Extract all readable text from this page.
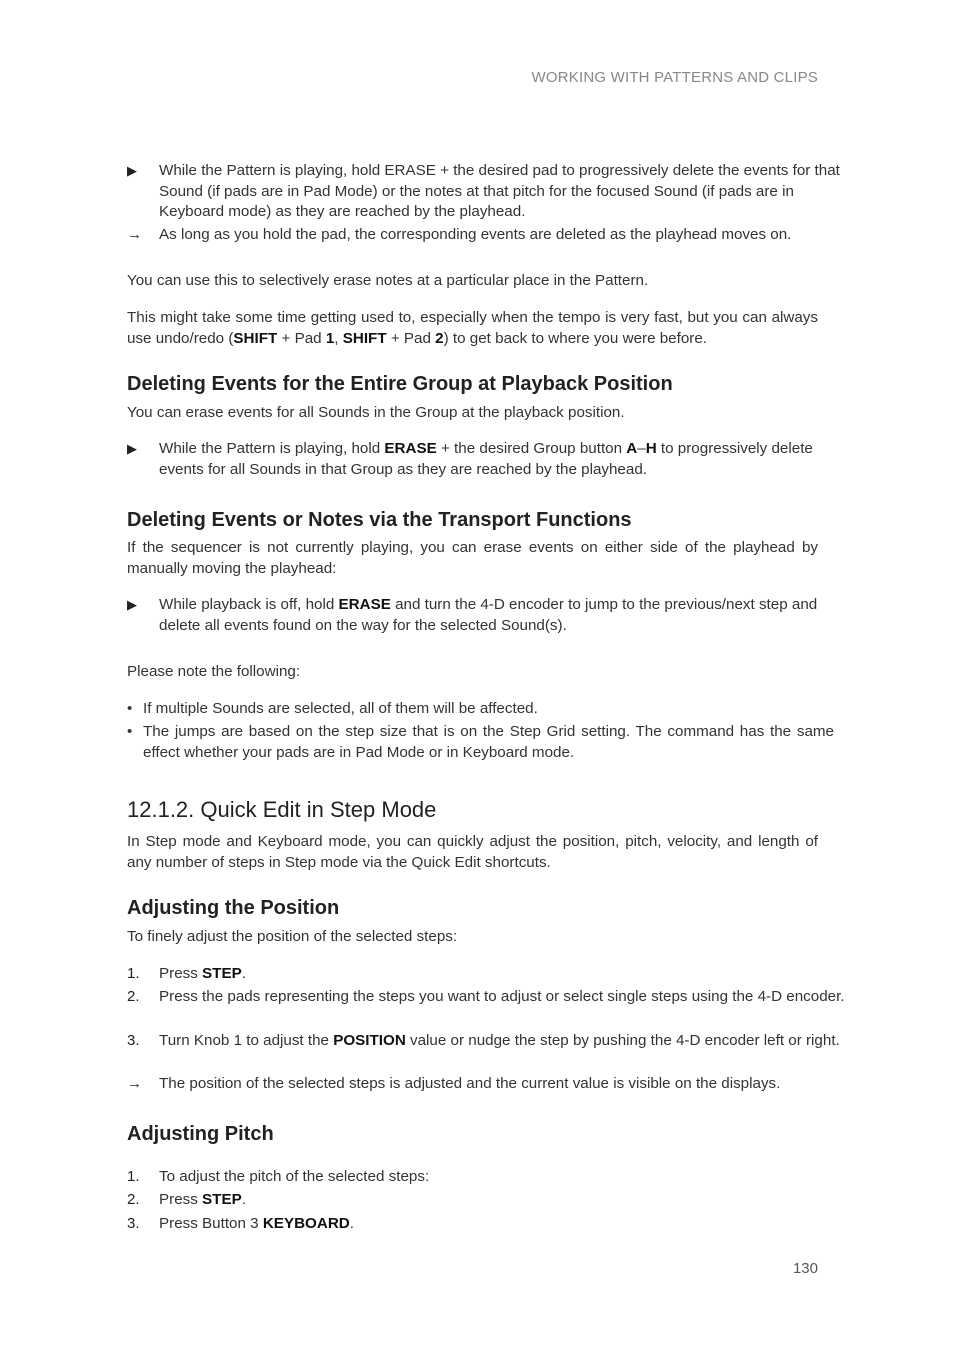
WORKING WITH PATTERNS AND CLIPS
▶	While the Pattern is playing, hold ERASE + the desired pad to progressively delete the events for that Sound (if pads are in Pad Mode) or the notes at that pitch for the focused Sound (if pads are in Keyboard mode) as they are reached by the playhead.
→	As long as you hold the pad, the corresponding events are deleted as the playhead moves on.

You can use this to selectively erase notes at a particular place in the Pattern.

This might take some time getting used to, especially when the tempo is very fast, but you can always use undo/redo (SHIFT + Pad 1, SHIFT + Pad 2) to get back to where you were before.

Deleting Events for the Entire Group at Playback Position

You can erase events for all Sounds in the Group at the playback position.

▶	While the Pattern is playing, hold ERASE + the desired Group button A–H to progressively delete events for all Sounds in that Group as they are reached by the playhead.
Deleting Events or Notes via the Transport Functions

If the sequencer is not currently playing, you can erase events on either side of the playhead by manually moving the playhead:

▶	While playback is off, hold ERASE and turn the 4-D encoder to jump to the previous/next step and delete all events found on the way for the selected Sound(s).

Please note the following:

• If multiple Sounds are selected, all of them will be affected.
• The jumps are based on the step size that is on the Step Grid setting. The command has the same effect whether your pads are in Pad Mode or in Keyboard mode.
12.1.2. Quick Edit in Step Mode

In Step mode and Keyboard mode, you can quickly adjust the position, pitch, velocity, and length of any number of steps in Step mode via the Quick Edit shortcuts.

Adjusting the Position

To finely adjust the position of the selected steps:

1. Press STEP.
2. Press the pads representing the steps you want to adjust or select single steps using the 4-D encoder.
3. Turn Knob 1 to adjust the POSITION value or nudge the step by pushing the 4-D encoder left or right.
→	The position of the selected steps is adjusted and the current value is visible on the displays.
Adjusting Pitch
1. To adjust the pitch of the selected steps:
2. Press STEP.
3. Press Button 3 KEYBOARD.
130
